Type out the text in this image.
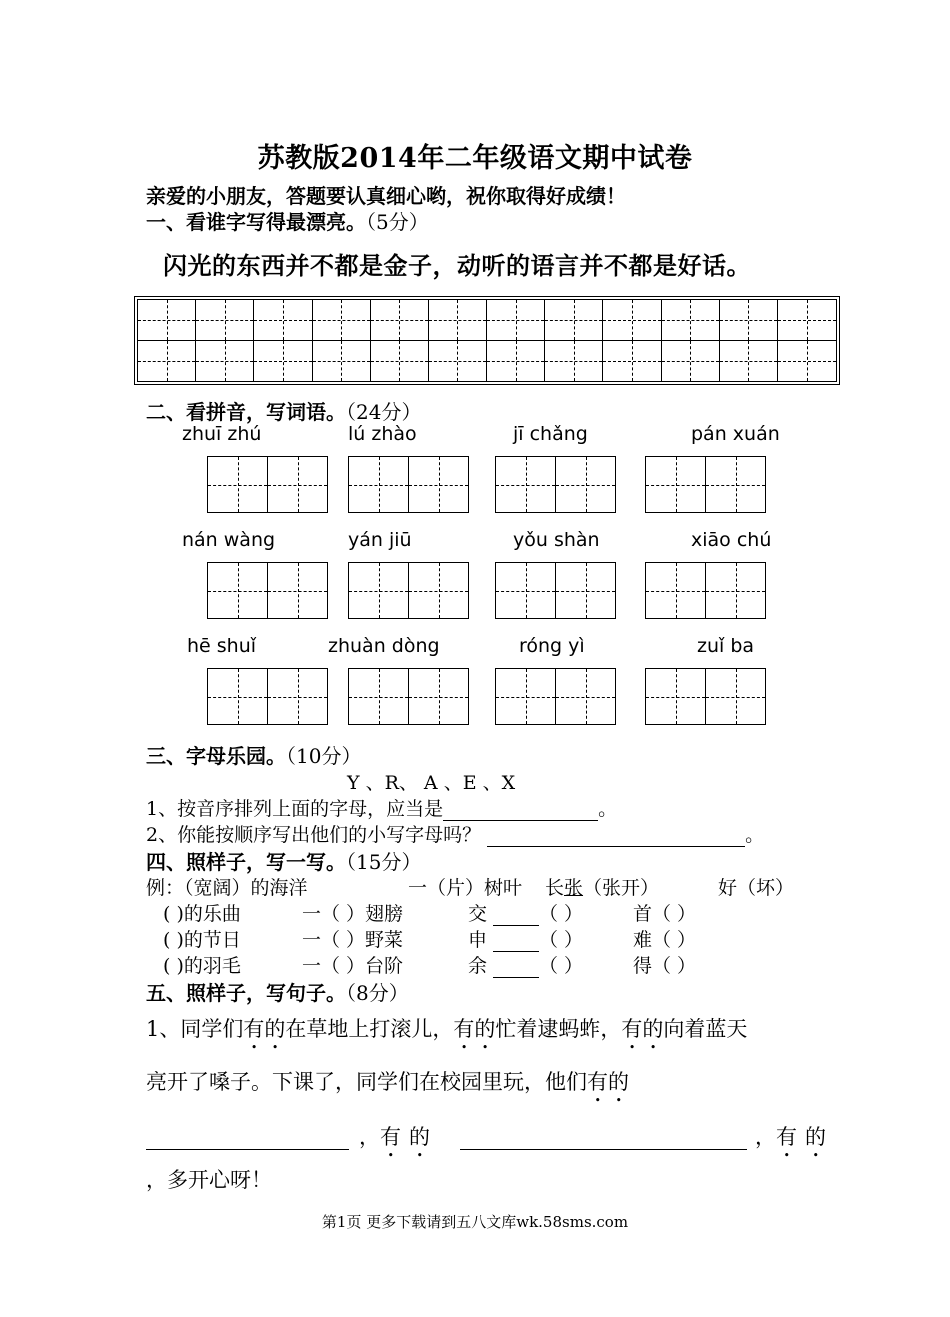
苏教版2014年二年级语文期中试卷
亲爱的小朋友，答题要认真细心哟，祝你取得好成绩！
一、看谁字写得最漂亮。（5分）
闪光的东西并不都是金子，动听的语言并不都是好话。
二、看拼音，写词语。（24分）
zhuī zhú	lú zhào	jī chǎng	pán xuán
nán wàng	yán jiū	yǒu shàn	xiāo chú
hē shuǐ	zhuàn dòng	róng yì	zuǐ ba
三、字母乐园。（10分）
Y 、R、 A 、E 、X
1、按音序排列上面的字母，应当是	。
2、你能按顺序写出他们的小写字母吗？	。
四、照样子，写一写。（15分）
例：（宽阔）的海洋	一（片）树叶 长张（张开）	好（坏）
( )的乐曲	一（ ）翅膀	交	（ ）	首（ ）
( )的节日	一（ ）野菜	申	（ ）	难（ ）
( )的羽毛	一（ ）台阶	余	（ ）	得（ ）
五、照样子，写句子。（8分）
1、同学们有的在草地上打滚儿，有的忙着逮蚂蚱，有的向着蓝天
亮开了嗓子。下课了，同学们在校园里玩，他们有的
，有的	，有的
，多开心呀！
第1页 更多下载请到五八文库wk.58sms.com
